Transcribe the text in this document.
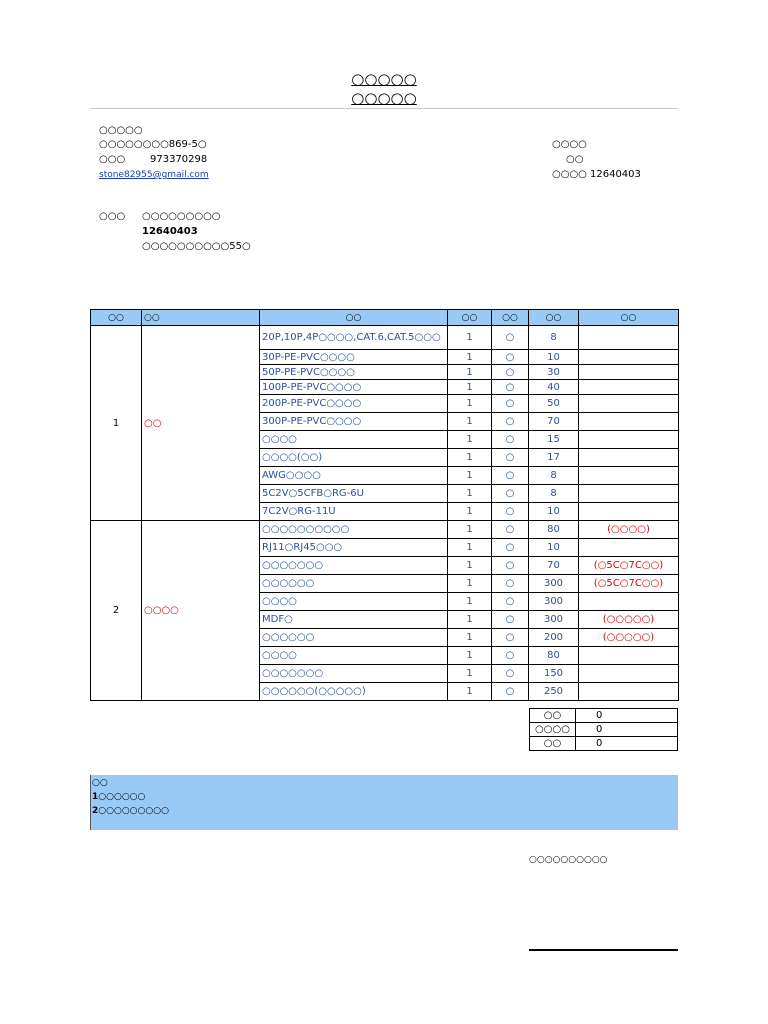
○○○○○
○○○○○
○○○○○
○○○○○○○○869-5○
○○○ 973370298
stone82955@gmail.com
○○○○
○○
○○○○ 12640403
○○○ ○○○○○○○○○
12640403
○○○○○○○○○○55○
○○	○○	○○	○○	○○	○○	○○
1	○○	20P,10P,4P○○○○,CAT.6,CAT.5○○○	1	○	8	
		30P-PE-PVC○○○○	1	○	10	
		50P-PE-PVC○○○○	1	○	30	
		100P-PE-PVC○○○○	1	○	40	
		200P-PE-PVC○○○○	1	○	50	
		300P-PE-PVC○○○○	1	○	70	
		○○○○	1	○	15	
		○○○○(○○)	1	○	17	
		AWG○○○○	1	○	8	
		5C2V○5CFB○RG-6U	1	○	8	
		7C2V○RG-11U	1	○	10	
2	○○○○	○○○○○○○○○○	1	○	80	(○○○○)
		RJ11○RJ45○○○	1	○	10	
		○○○○○○○	1	○	70	(○5C○7C○○)
		○○○○○○	1	○	300	(○5C○7C○○)
		○○○○	1	○	300	
		MDF○	1	○	300	(○○○○○)
		○○○○○○	1	○	200	(○○○○○)
		○○○○	1	○	80	
		○○○○○○○	1	○	150	
		○○○○○○(○○○○○)	1	○	250	
○○	0
○○○○	0
○○	0
○○
1○○○○○○
2○○○○○○○○○
○○○○○○○○○○
